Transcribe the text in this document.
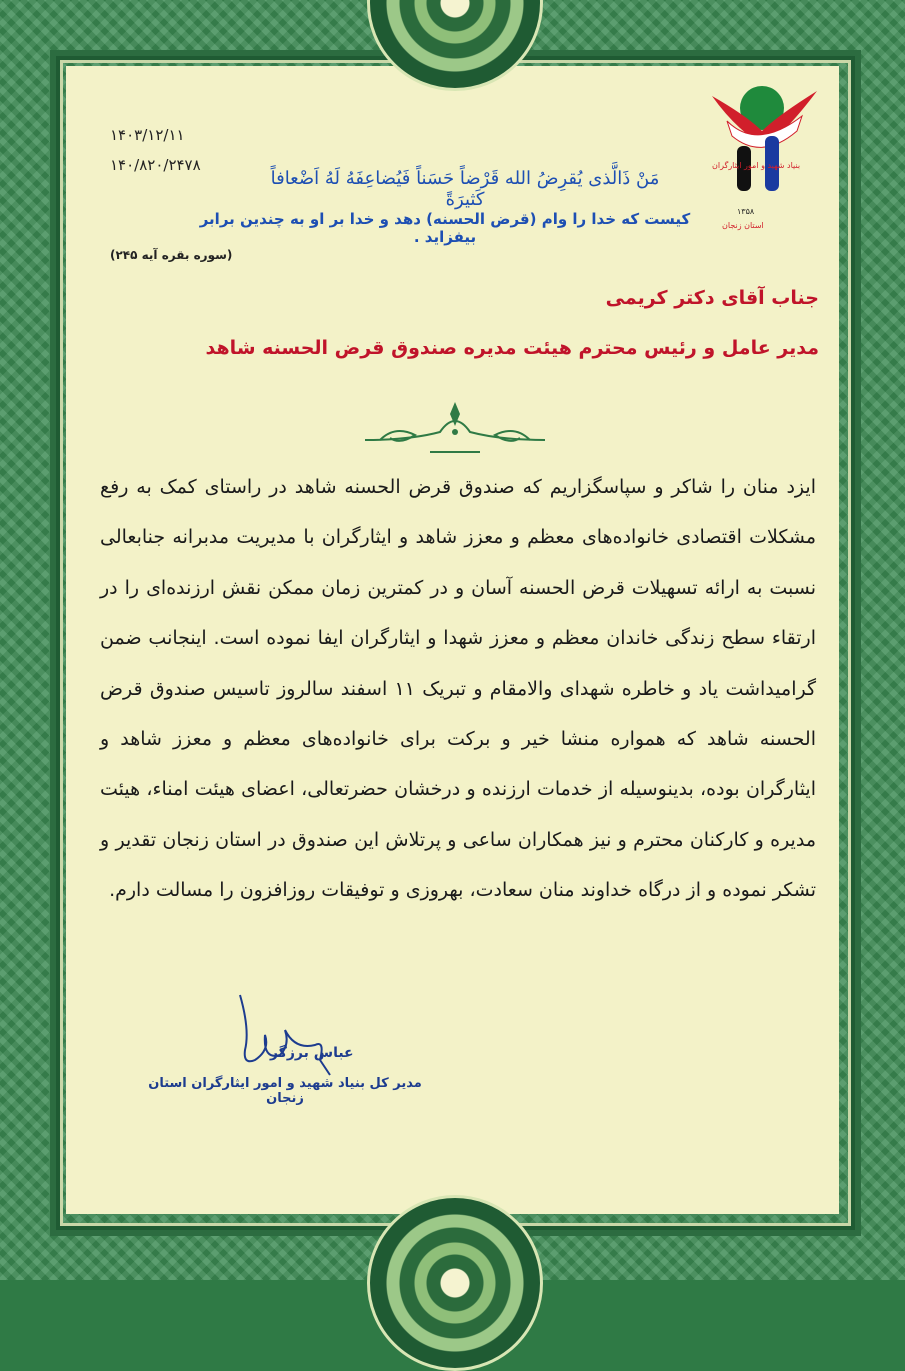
بنیاد شهید و امور ایثارگران
۱۳۵۸
استان زنجان
۱۴۰۳/۱۲/۱۱
۱۴۰/۸۲۰/۲۴۷۸
مَنْ ذَالَّذی یُقرِضُ الله قَرْضاً حَسَناً فَیُضاعِفَهُ لَهُ اَضْعافاً کَثیرَةً
کیست که خدا را وام (قرض الحسنه) دهد و خدا بر او به چندین برابر بیفزاید .
(سوره بقره آیه ۲۴۵)
جناب آقای دکتر کریمی
مدیر عامل و رئیس محترم هیئت مدیره صندوق قرض الحسنه شاهد
ایزد منان را شاکر و سپاسگزاریم که صندوق قرض الحسنه شاهد در راستای کمک به رفع مشکلات اقتصادی خانواده‌های معظم و معزز شاهد و ایثارگران با مدیریت مدبرانه جنابعالی نسبت به ارائه تسهیلات قرض الحسنه آسان و در کمترین زمان ممکن نقش ارزنده‌ای را در ارتقاء سطح زندگی خاندان معظم و معزز شهدا و ایثارگران ایفا نموده است. اینجانب ضمن گرامیداشت یاد و خاطره شهدای والامقام و تبریک ۱۱ اسفند سالروز تاسیس صندوق قرض الحسنه شاهد که همواره منشا خیر و برکت برای خانواده‌های معظم و معزز شاهد و ایثارگران بوده، بدینوسیله از خدمات ارزنده و درخشان حضرتعالی، اعضای هیئت امناء، هیئت مدیره و کارکنان محترم و نیز همکاران ساعی و پرتلاش این صندوق در استان زنجان تقدیر و تشکر نموده و از درگاه خداوند منان سعادت، بهروزی و توفیقات روزافزون را مسالت دارم.
عباس برزگر
مدیر کل بنیاد شهید و امور ایثارگران استان زنجان
